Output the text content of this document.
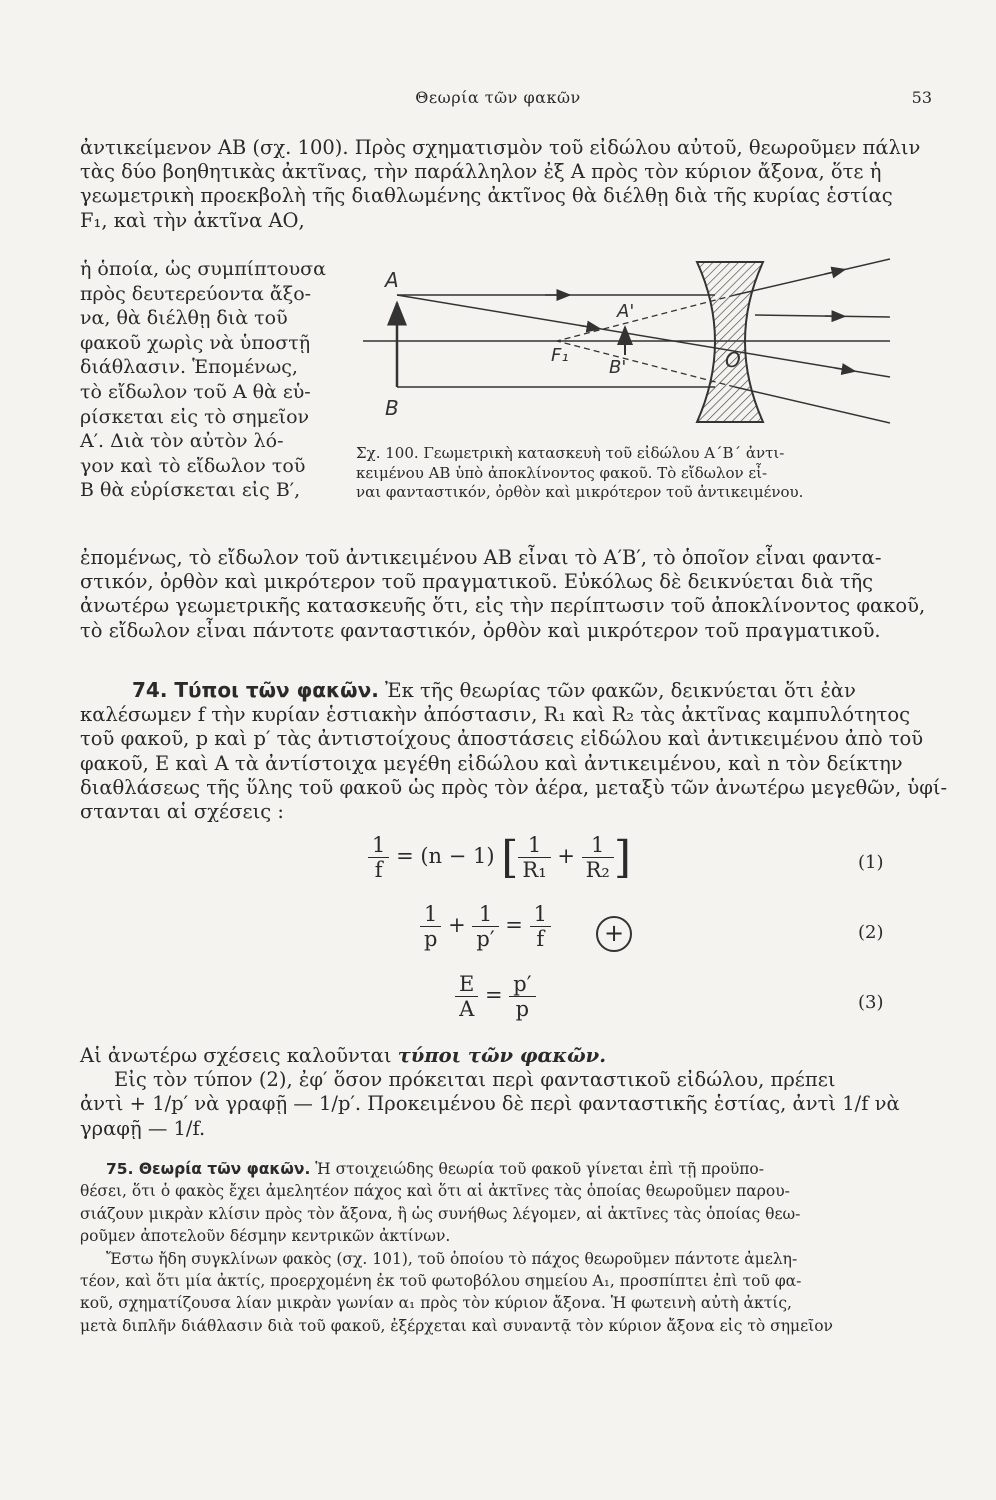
Θεωρία τῶν φακῶν	53
ἀντικείμενον ΑΒ (σχ. 100). Πρὸς σχηματισμὸν τοῦ εἰδώλου αὐτοῦ, θεωροῦμεν πάλιν
τὰς δύο βοηθητικὰς ἀκτῖνας, τὴν παράλληλον ἐξ Α πρὸς τὸν κύριον ἄξονα, ὅτε ἡ
γεωμετρικὴ προεκβολὴ τῆς διαθλωμένης ἀκτῖνος θὰ διέλθῃ διὰ τῆς κυρίας ἑστίας
F₁, καὶ τὴν ἀκτῖνα ΑΟ,
ἡ ὁποία, ὡς συμπίπτουσα
πρὸς δευτερεύοντα ἄξο-
να, θὰ διέλθῃ διὰ τοῦ
φακοῦ χωρὶς νὰ ὑποστῇ
διάθλασιν. Ἑπομένως,
τὸ εἴδωλον τοῦ Α θὰ εὑ-
ρίσκεται εἰς τὸ σημεῖον
Α′. Διὰ τὸν αὐτὸν λό-
γον καὶ τὸ εἴδωλον τοῦ
Β θὰ εὑρίσκεται εἰς Β′,
A
B
A'
B'
F₁	O
Σχ. 100. Γεωμετρικὴ κατασκευὴ τοῦ εἰδώλου Α΄Β΄ ἀντι-
κειμένου ΑΒ ὑπὸ ἀποκλίνοντος φακοῦ. Τὸ εἴδωλον εἶ-
ναι φανταστικόν, ὀρθὸν καὶ μικρότερον τοῦ ἀντικειμένου.
ἐπομένως, τὸ εἴδωλον τοῦ ἀντικειμένου ΑΒ εἶναι τὸ Α′Β′, τὸ ὁποῖον εἶναι φαντα-
στικόν, ὀρθὸν καὶ μικρότερον τοῦ πραγματικοῦ. Εὐκόλως δὲ δεικνύεται διὰ τῆς
ἀνωτέρω γεωμετρικῆς κατασκευῆς ὅτι, εἰς τὴν περίπτωσιν τοῦ ἀποκλίνοντος φακοῦ,
τὸ εἴδωλον εἶναι πάντοτε φανταστικόν, ὀρθὸν καὶ μικρότερον τοῦ πραγματικοῦ.
74. Τύποι τῶν φακῶν. Ἐκ τῆς θεωρίας τῶν φακῶν, δεικνύεται ὅτι ἐὰν
καλέσωμεν f τὴν κυρίαν ἑστιακὴν ἀπόστασιν, R₁ καὶ R₂ τὰς ἀκτῖνας καμπυλότητος
τοῦ φακοῦ, p καὶ p′ τὰς ἀντιστοίχους ἀποστάσεις εἰδώλου καὶ ἀντικειμένου ἀπὸ τοῦ
φακοῦ, Ε καὶ Α τὰ ἀντίστοιχα μεγέθη εἰδώλου καὶ ἀντικειμένου, καὶ n τὸν δείκτην
διαθλάσεως τῆς ὕλης τοῦ φακοῦ ὡς πρὸς τὸν ἀέρα, μεταξὺ τῶν ἀνωτέρω μεγεθῶν, ὑφί-
στανται αἱ σχέσεις :
$\frac{1}{f} = (n - 1)$ [ $\frac{1}{\text{R₁}} + \frac{1}{\text{R₂}}$ ]	(1)
$\frac{1}{p} + \frac{1}{p'} = \frac{1}{f}$	+	(2)
$\frac{E}{A} = \frac{p'}{p}$	(3)
Αἱ ἀνωτέρω σχέσεις καλοῦνται τύποι τῶν φακῶν.
Εἰς τὸν τύπον (2), ἐφ′ ὅσον πρόκειται περὶ φανταστικοῦ εἰδώλου, πρέπει
ἀντὶ + 1/p′ νὰ γραφῇ — 1/p′. Προκειμένου δὲ περὶ φανταστικῆς ἑστίας, ἀντὶ 1/f νὰ
γραφῇ — 1/f.
75. Θεωρία τῶν φακῶν. Ἡ στοιχειώδης θεωρία τοῦ φακοῦ γίνεται ἐπὶ τῇ προϋπο-
θέσει, ὅτι ὁ φακὸς ἔχει ἀμελητέον πάχος καὶ ὅτι αἱ ἀκτῖνες τὰς ὁποίας θεωροῦμεν παρου-
σιάζουν μικρὰν κλίσιν πρὸς τὸν ἄξονα, ἢ ὡς συνήθως λέγομεν, αἱ ἀκτῖνες τὰς ὁποίας θεω-
ροῦμεν ἀποτελοῦν δέσμην κεντρικῶν ἀκτίνων.
Ἔστω ἤδη συγκλίνων φακὸς (σχ. 101), τοῦ ὁποίου τὸ πάχος θεωροῦμεν πάντοτε ἀμελη-
τέον, καὶ ὅτι μία ἀκτίς, προερχομένη ἐκ τοῦ φωτοβόλου σημείου Α₁, προσπίπτει ἐπὶ τοῦ φα-
κοῦ, σχηματίζουσα λίαν μικρὰν γωνίαν α₁ πρὸς τὸν κύριον ἄξονα. Ἡ φωτεινὴ αὐτὴ ἀκτίς,
μετὰ διπλῆν διάθλασιν διὰ τοῦ φακοῦ, ἐξέρχεται καὶ συναντᾷ τὸν κύριον ἄξονα εἰς τὸ σημεῖον
